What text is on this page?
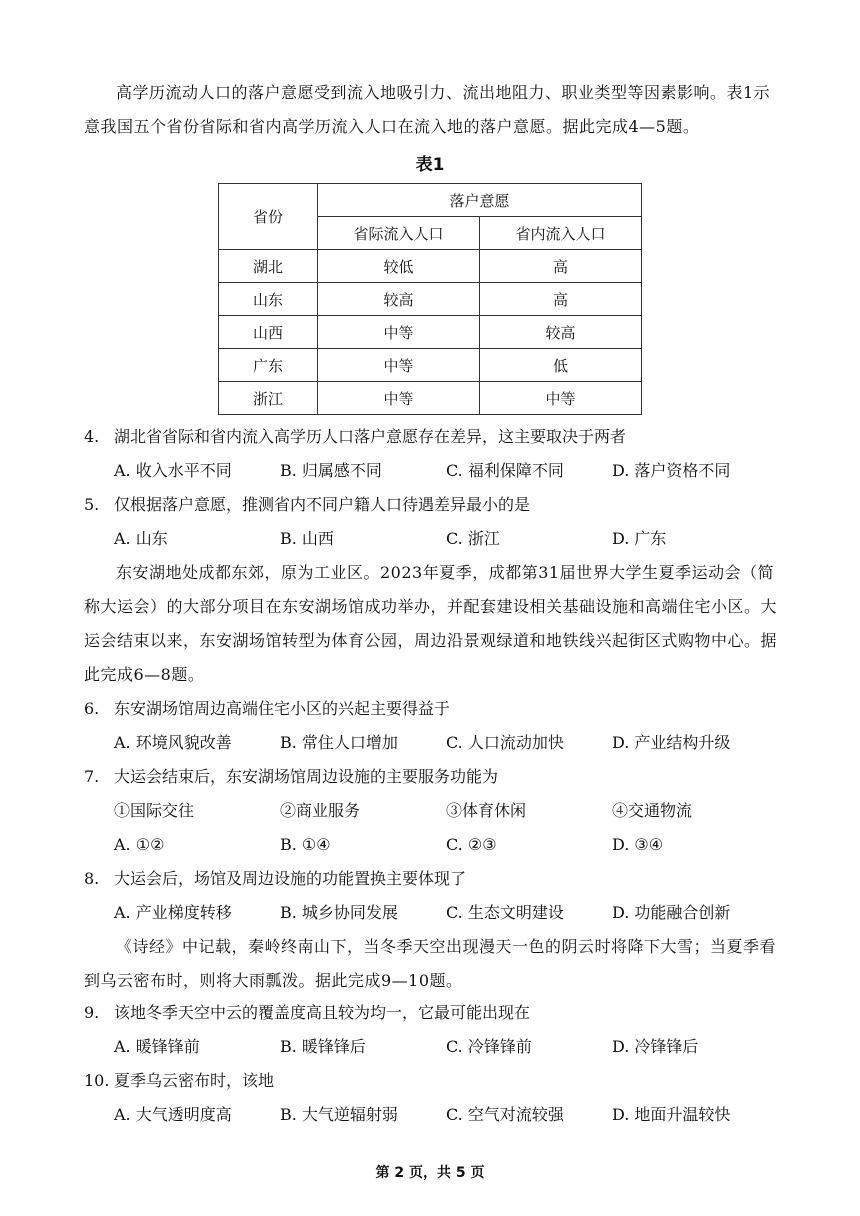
高学历流动人口的落户意愿受到流入地吸引力、流出地阻力、职业类型等因素影响。表1示意我国五个省份省际和省内高学历流入人口在流入地的落户意愿。据此完成4—5题。
表1
省份	落户意愿	
	省际流入人口	省内流入人口
湖北	较低	高
山东	较高	高
山西	中等	较高
广东	中等	低
浙江	中等	中等
4. 湖北省省际和省内流入高学历人口落户意愿存在差异，这主要取决于两者
A. 收入水平不同	B. 归属感不同	C. 福利保障不同	D. 落户资格不同
5. 仅根据落户意愿，推测省内不同户籍人口待遇差异最小的是
A. 山东	B. 山西	C. 浙江	D. 广东
东安湖地处成都东郊，原为工业区。2023年夏季，成都第31届世界大学生夏季运动会（简称大运会）的大部分项目在东安湖场馆成功举办，并配套建设相关基础设施和高端住宅小区。大运会结束以来，东安湖场馆转型为体育公园，周边沿景观绿道和地铁线兴起街区式购物中心。据此完成6—8题。
6. 东安湖场馆周边高端住宅小区的兴起主要得益于
A. 环境风貌改善	B. 常住人口增加	C. 人口流动加快	D. 产业结构升级
7. 大运会结束后，东安湖场馆周边设施的主要服务功能为
①国际交往	②商业服务	③体育休闲	④交通物流
A. ①②	B. ①④	C. ②③	D. ③④
8. 大运会后，场馆及周边设施的功能置换主要体现了
A. 产业梯度转移	B. 城乡协同发展	C. 生态文明建设	D. 功能融合创新
《诗经》中记载，秦岭终南山下，当冬季天空出现漫天一色的阴云时将降下大雪；当夏季看到乌云密布时，则将大雨瓢泼。据此完成9—10题。
9. 该地冬季天空中云的覆盖度高且较为均一，它最可能出现在
A. 暖锋锋前	B. 暖锋锋后	C. 冷锋锋前	D. 冷锋锋后
10. 夏季乌云密布时，该地
A. 大气透明度高	B. 大气逆辐射弱	C. 空气对流较强	D. 地面升温较快
第 2 页，共 5 页
